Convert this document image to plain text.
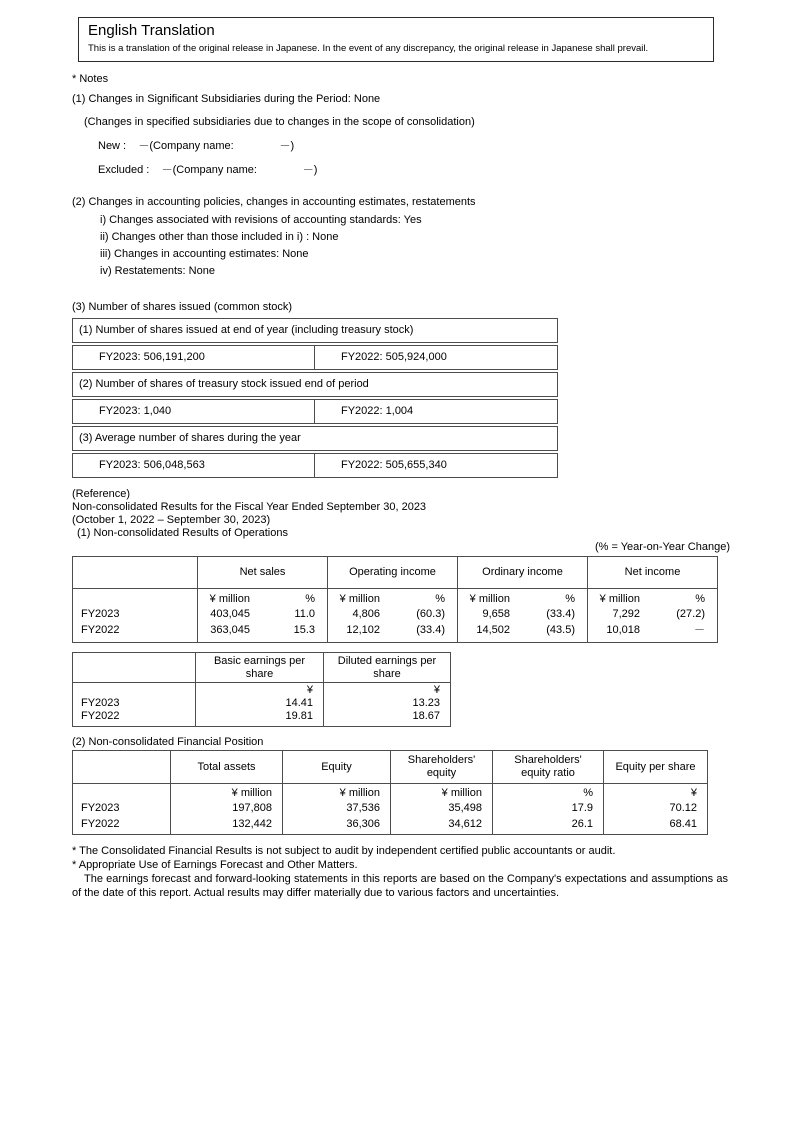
English Translation
This is a translation of the original release in Japanese. In the event of any discrepancy, the original release in Japanese shall prevail.

* Notes

(1) Changes in Significant Subsidiaries during the Period: None

(Changes in specified subsidiaries due to changes in the scope of consolidation)

New :    －(Company name:               －)

Excluded :    －(Company name:               －)

(2) Changes in accounting policies, changes in accounting estimates, restatements

i) Changes associated with revisions of accounting standards: Yes

ii) Changes other than those included in i) : None

iii) Changes in accounting estimates: None

iv) Restatements: None

(3) Number of shares issued (common stock)

(1) Number of shares issued at end of year (including treasury stock)
FY2023: 506,191,200	FY2022: 505,924,000
(2) Number of shares of treasury stock issued end of period
FY2023: 1,040	FY2022: 1,004
(3) Average number of shares during the year
FY2023: 506,048,563	FY2022: 505,655,340

(Reference)

Non-consolidated Results for the Fiscal Year Ended September 30, 2023

(October 1, 2022 – September 30, 2023)

(1) Non-consolidated Results of Operations

(% = Year-on-Year Change)

	Net sales	Operating income	Ordinary income	Net income

	¥ million %	¥ million %	¥ million %	¥ million %

FY2023	403,045 11.0	4,806 (60.3)	9,658 (33.4)	7,292 (27.2)

FY2022	363,045 15.3	12,102 (33.4)	14,502 (43.5)	10,018 －

	Basic earnings per share	Diluted earnings per share

	¥	¥
FY2023	14.41	13.23
FY2022	19.81	18.67

(2) Non-consolidated Financial Position

	Total assets	Equity	Shareholders' equity	Shareholders' equity ratio	Equity per share

	¥ million	¥ million	¥ million	%	¥
FY2023	197,808	37,536	35,498	17.9	70.12
FY2022	132,442	36,306	34,612	26.1	68.41

* The Consolidated Financial Results is not subject to audit by independent certified public accountants or audit.

* Appropriate Use of Earnings Forecast and Other Matters.

The earnings forecast and forward-looking statements in this reports are based on the Company's expectations and assumptions as of the date of this report. Actual results may differ materially due to various factors and uncertainties.
